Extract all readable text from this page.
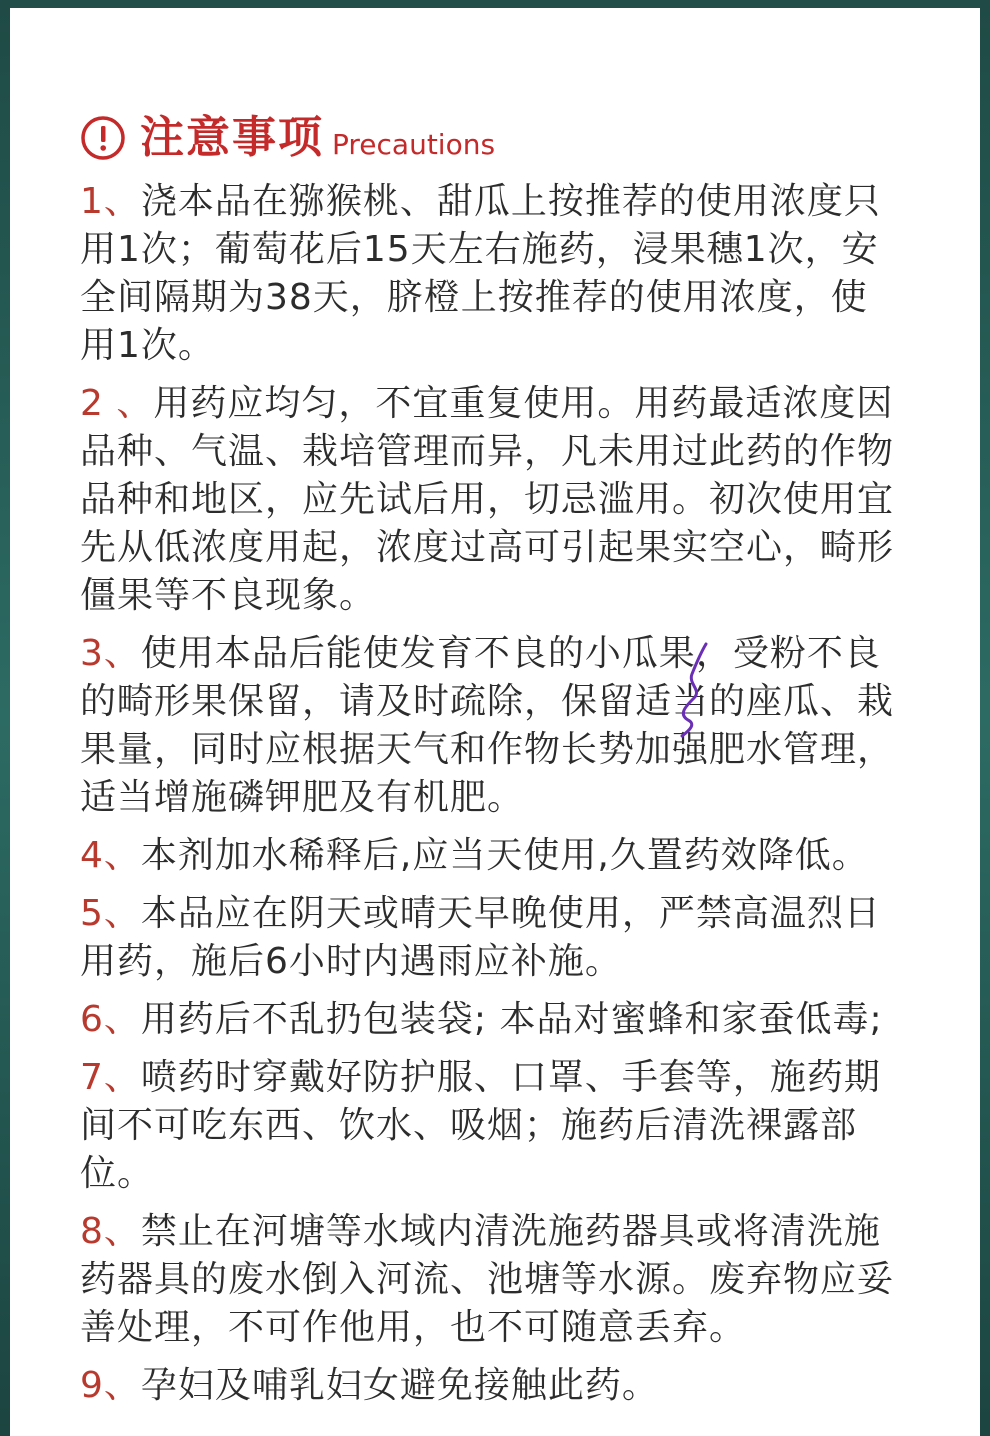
注意事项 Precautions
1、浇本品在猕猴桃、甜瓜上按推荐的使用浓度只用1次；葡萄花后15天左右施药，浸果穗1次，安全间隔期为38天，脐橙上按推荐的使用浓度，使用1次。
2 、用药应均匀，不宜重复使用。用药最适浓度因品种、气温、栽培管理而异，凡未用过此药的作物品种和地区，应先试后用，切忌滥用。初次使用宜先从低浓度用起，浓度过高可引起果实空心，畸形僵果等不良现象。
3、使用本品后能使发育不良的小瓜果，受粉不良的畸形果保留，请及时疏除，保留适当的座瓜、栽果量，同时应根据天气和作物长势加强肥水管理，适当增施磷钾肥及有机肥。
4、本剂加水稀释后,应当天使用,久置药效降低。
5、本品应在阴天或晴天早晚使用，严禁高温烈日用药，施后6小时内遇雨应补施。
6、用药后不乱扔包装袋; 本品对蜜蜂和家蚕低毒;
7、喷药时穿戴好防护服、口罩、手套等，施药期间不可吃东西、饮水、吸烟；施药后清洗裸露部位。
8、禁止在河塘等水域内清洗施药器具或将清洗施药器具的废水倒入河流、池塘等水源。废弃物应妥善处理，不可作他用，也不可随意丢弃。
9、孕妇及哺乳妇女避免接触此药。
